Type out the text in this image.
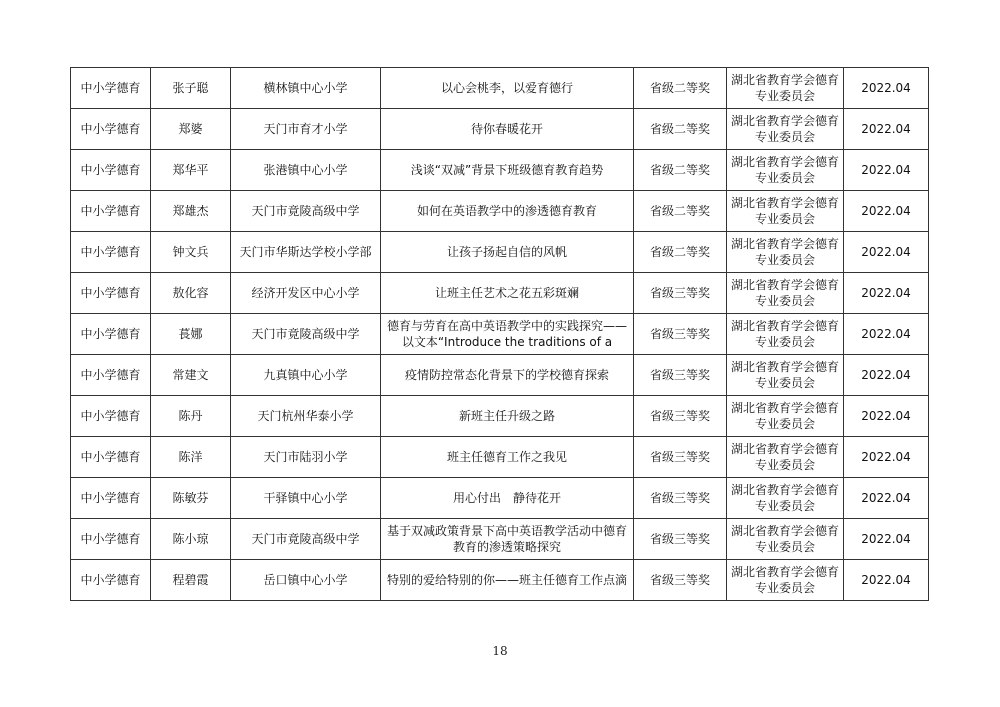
中小学德育	张子聪	横林镇中心小学	以心会桃李，以爱育德行	省级二等奖	湖北省教育学会德育专业委员会	2022.04

中小学德育	郑婆	天门市育才小学	待你春暖花开	省级二等奖	湖北省教育学会德育专业委员会	2022.04

中小学德育	郑华平	张港镇中心小学	浅谈“双减”背景下班级德育教育趋势	省级二等奖	湖北省教育学会德育专业委员会	2022.04

中小学德育	郑雄杰	天门市竟陵高级中学	如何在英语教学中的渗透德育教育	省级二等奖	湖北省教育学会德育专业委员会	2022.04

中小学德育	钟文兵	天门市华斯达学校小学部	让孩子扬起自信的风帆	省级二等奖	湖北省教育学会德育专业委员会	2022.04

中小学德育	敖化容	经济开发区中心小学	让班主任艺术之花五彩斑斓	省级三等奖	湖北省教育学会德育专业委员会	2022.04

中小学德育	萇娜	天门市竟陵高级中学	德育与劳育在高中英语教学中的实践探究——以文本“Introduce the traditions of a	省级三等奖	湖北省教育学会德育专业委员会	2022.04

中小学德育	常建文	九真镇中心小学	疫情防控常态化背景下的学校德育探索	省级三等奖	湖北省教育学会德育专业委员会	2022.04

中小学德育	陈丹	天门杭州华泰小学	新班主任升级之路	省级三等奖	湖北省教育学会德育专业委员会	2022.04

中小学德育	陈洋	天门市陆羽小学	班主任德育工作之我见	省级三等奖	湖北省教育学会德育专业委员会	2022.04

中小学德育	陈敏芬	干驿镇中心小学	用心付出　静待花开	省级三等奖	湖北省教育学会德育专业委员会	2022.04

中小学德育	陈小琼	天门市竟陵高级中学	基于双减政策背景下高中英语教学活动中德育教育的渗透策略探究	省级三等奖	湖北省教育学会德育专业委员会	2022.04

中小学德育	程碧霞	岳口镇中心小学	特别的爱给特别的你——班主任德育工作点滴	省级三等奖	湖北省教育学会德育专业委员会	2022.04
18
